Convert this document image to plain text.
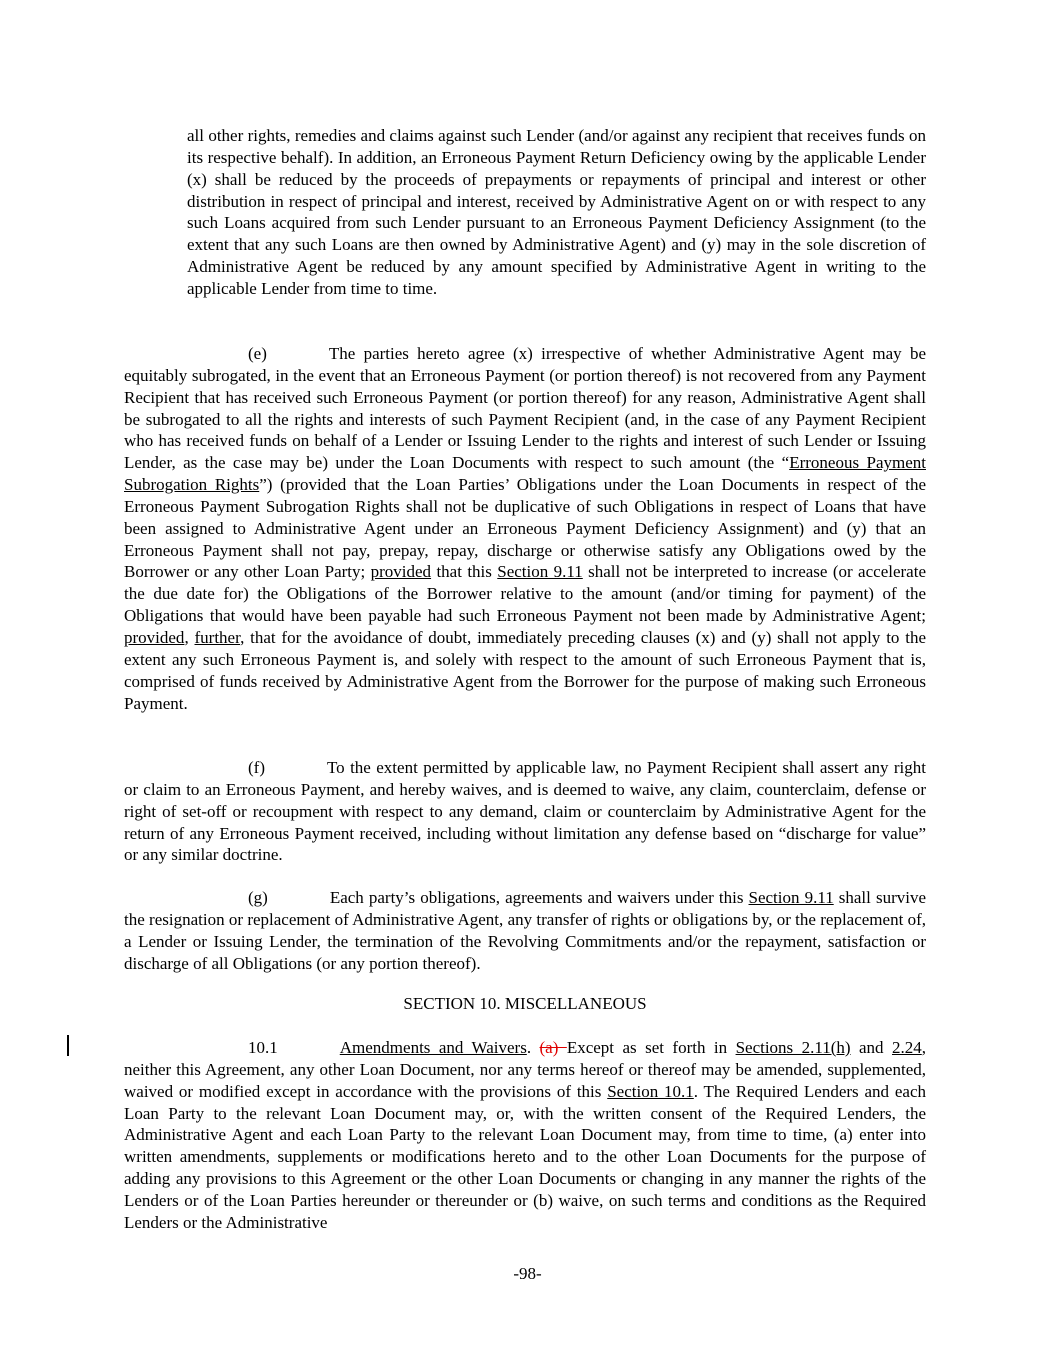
all other rights, remedies and claims against such Lender (and/or against any recipient that receives funds on its respective behalf). In addition, an Erroneous Payment Return Deficiency owing by the applicable Lender (x) shall be reduced by the proceeds of prepayments or repayments of principal and interest or other distribution in respect of principal and interest, received by Administrative Agent on or with respect to any such Loans acquired from such Lender pursuant to an Erroneous Payment Deficiency Assignment (to the extent that any such Loans are then owned by Administrative Agent) and (y) may in the sole discretion of Administrative Agent be reduced by any amount specified by Administrative Agent in writing to the applicable Lender from time to time.

(e)	The parties hereto agree (x) irrespective of whether Administrative Agent may be equitably subrogated, in the event that an Erroneous Payment (or portion thereof) is not recovered from any Payment Recipient that has received such Erroneous Payment (or portion thereof) for any reason, Administrative Agent shall be subrogated to all the rights and interests of such Payment Recipient (and, in the case of any Payment Recipient who has received funds on behalf of a Lender or Issuing Lender to the rights and interest of such Lender or Issuing Lender, as the case may be) under the Loan Documents with respect to such amount (the “Erroneous Payment Subrogation Rights”) (provided that the Loan Parties’ Obligations under the Loan Documents in respect of the Erroneous Payment Subrogation Rights shall not be duplicative of such Obligations in respect of Loans that have been assigned to Administrative Agent under an Erroneous Payment Deficiency Assignment) and (y) that an Erroneous Payment shall not pay, prepay, repay, discharge or otherwise satisfy any Obligations owed by the Borrower or any other Loan Party; provided that this Section 9.11 shall not be interpreted to increase (or accelerate the due date for) the Obligations of the Borrower relative to the amount (and/or timing for payment) of the Obligations that would have been payable had such Erroneous Payment not been made by Administrative Agent; provided, further, that for the avoidance of doubt, immediately preceding clauses (x) and (y) shall not apply to the extent any such Erroneous Payment is, and solely with respect to the amount of such Erroneous Payment that is, comprised of funds received by Administrative Agent from the Borrower for the purpose of making such Erroneous Payment.

(f)	To the extent permitted by applicable law, no Payment Recipient shall assert any right or claim to an Erroneous Payment, and hereby waives, and is deemed to waive, any claim, counterclaim, defense or right of set-off or recoupment with respect to any demand, claim or counterclaim by Administrative Agent for the return of any Erroneous Payment received, including without limitation any defense based on “discharge for value” or any similar doctrine.

(g)	Each party’s obligations, agreements and waivers under this Section 9.11 shall survive the resignation or replacement of Administrative Agent, any transfer of rights or obligations by, or the replacement of, a Lender or Issuing Lender, the termination of the Revolving Commitments and/or the repayment, satisfaction or discharge of all Obligations (or any portion thereof).

SECTION 10. MISCELLANEOUS

10.1	Amendments and Waivers. (a) Except as set forth in Sections 2.11(h) and 2.24, neither this Agreement, any other Loan Document, nor any terms hereof or thereof may be amended, supplemented, waived or modified except in accordance with the provisions of this Section 10.1. The Required Lenders and each Loan Party to the relevant Loan Document may, or, with the written consent of the Required Lenders, the Administrative Agent and each Loan Party to the relevant Loan Document may, from time to time, (a) enter into written amendments, supplements or modifications hereto and to the other Loan Documents for the purpose of adding any provisions to this Agreement or the other Loan Documents or changing in any manner the rights of the Lenders or of the Loan Parties hereunder or thereunder or (b) waive, on such terms and conditions as the Required Lenders or the Administrative

-98-
